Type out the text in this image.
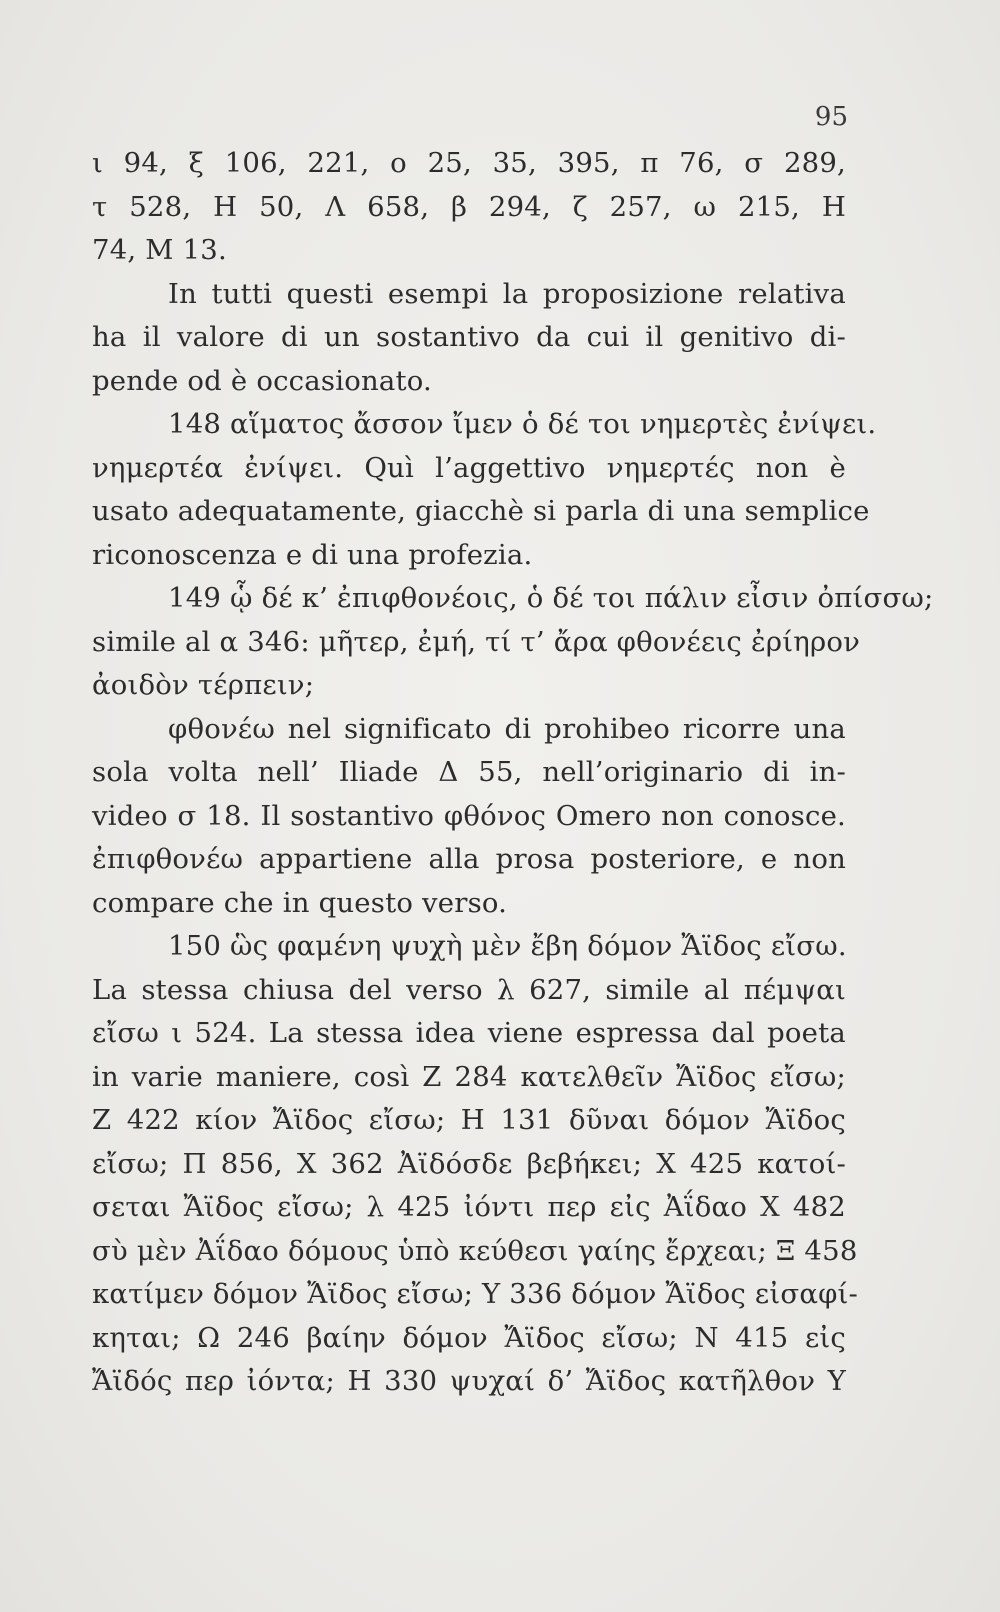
95
ι 94, ξ 106, 221, ο 25, 35, 395, π 76, σ 289,
τ 528, Η 50, Λ 658, β 294, ζ 257, ω 215, Η
74, Μ 13.
In tutti questi esempi la proposizione relativa
ha il valore di un sostantivo da cui il genitivo di-
pende od è occasionato.
148 αἵματος ἄσσον ἴμεν ὁ δέ τοι νημερτὲς ἐνίψει.
νημερτέα ἐνίψει. Quì l’aggettivo νημερτές non è
usato adequatamente, giacchè si parla di una semplice
riconoscenza e di una profezia.
149 ᾧ δέ κ’ ἐπιφθονέοις, ὁ δέ τοι πάλιν εἶσιν ὀπίσσω;
simile al α 346: μῆτερ, ἐμή, τί τ’ ἄρα φθονέεις ἐρίηρον
ἀοιδὸν τέρπειν;
φθονέω nel significato di prohibeo ricorre una
sola volta nell’ Iliade Δ 55, nell’originario di in-
video σ 18. Il sostantivo φθόνος Omero non conosce.
ἐπιφθονέω appartiene alla prosa posteriore, e non
compare che in questo verso.
150 ὣς φαμένη ψυχὴ μὲν ἔβη δόμον Ἄϊδος εἴσω.
La stessa chiusa del verso λ 627, simile al πέμψαι
εἴσω ι 524. La stessa idea viene espressa dal poeta
in varie maniere, così Ζ 284 κατελθεῖν Ἄϊδος εἴσω;
Ζ 422 κίον Ἄϊδος εἴσω; Η 131 δῦναι δόμον Ἄϊδος
εἴσω; Π 856, Χ 362 Ἀϊδόσδε βεβήκει; Χ 425 κατοί-
σεται Ἄϊδος εἴσω; λ 425 ἰόντι περ εἰς Ἀΐδαο Χ 482
σὺ μὲν Ἀΐδαο δόμους ὑπὸ κεύθεσι γαίης ἔρχεαι; Ξ 458
κατίμεν δόμον Ἄϊδος εἴσω; Υ 336 δόμον Ἄϊδος εἰσαφί-
κηται; Ω 246 βαίην δόμον Ἄϊδος εἴσω; Ν 415 εἰς
Ἄϊδός περ ἰόντα; Η 330 ψυχαί δ’ Ἄϊδος κατῆλθον Υ
